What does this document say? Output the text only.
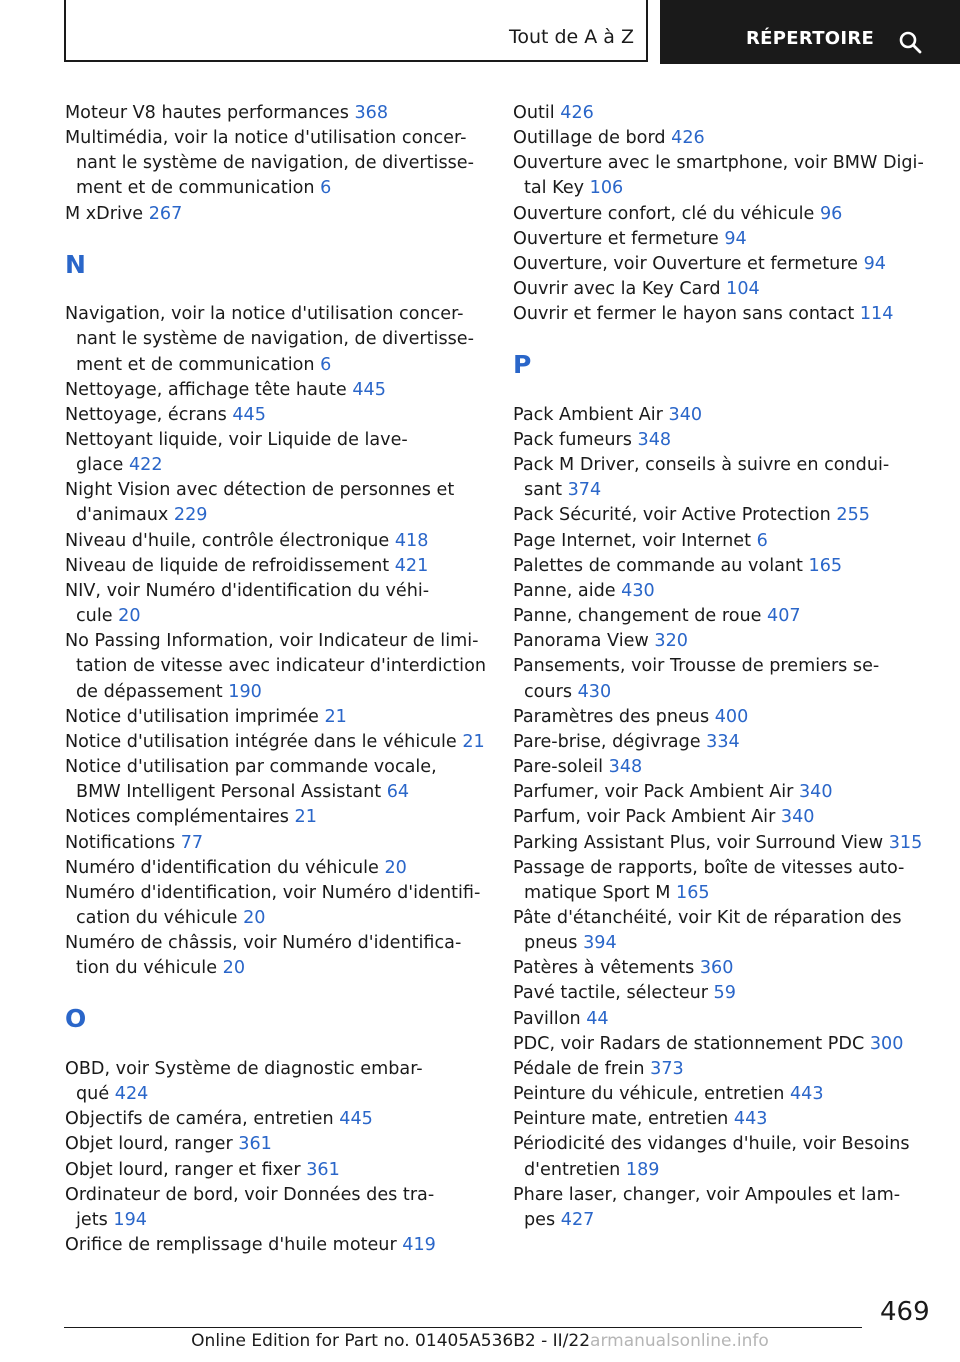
Tout de A à Z	RÉPERTOIRE
Moteur V8 hautes performances 368
Multimédia, voir la notice d'utilisation concer-
nant le système de navigation, de divertisse-
ment et de communication 6
M xDrive 267
N
Navigation, voir la notice d'utilisation concer-
nant le système de navigation, de divertisse-
ment et de communication 6
Nettoyage, affichage tête haute 445
Nettoyage, écrans 445
Nettoyant liquide, voir Liquide de lave-
glace 422
Night Vision avec détection de personnes et
d'animaux 229
Niveau d'huile, contrôle électronique 418
Niveau de liquide de refroidissement 421
NIV, voir Numéro d'identification du véhi-
cule 20
No Passing Information, voir Indicateur de limi-
tation de vitesse avec indicateur d'interdiction
de dépassement 190
Notice d'utilisation imprimée 21
Notice d'utilisation intégrée dans le véhicule 21
Notice d'utilisation par commande vocale,
BMW Intelligent Personal Assistant 64
Notices complémentaires 21
Notifications 77
Numéro d'identification du véhicule 20
Numéro d'identification, voir Numéro d'identifi-
cation du véhicule 20
Numéro de châssis, voir Numéro d'identifica-
tion du véhicule 20
O
OBD, voir Système de diagnostic embar-
qué 424
Objectifs de caméra, entretien 445
Objet lourd, ranger 361
Objet lourd, ranger et fixer 361
Ordinateur de bord, voir Données des tra-
jets 194
Orifice de remplissage d'huile moteur 419
Outil 426
Outillage de bord 426
Ouverture avec le smartphone, voir BMW Digi-
tal Key 106
Ouverture confort, clé du véhicule 96
Ouverture et fermeture 94
Ouverture, voir Ouverture et fermeture 94
Ouvrir avec la Key Card 104
Ouvrir et fermer le hayon sans contact 114
P
Pack Ambient Air 340
Pack fumeurs 348
Pack M Driver, conseils à suivre en condui-
sant 374
Pack Sécurité, voir Active Protection 255
Page Internet, voir Internet 6
Palettes de commande au volant 165
Panne, aide 430
Panne, changement de roue 407
Panorama View 320
Pansements, voir Trousse de premiers se-
cours 430
Paramètres des pneus 400
Pare-brise, dégivrage 334
Pare-soleil 348
Parfumer, voir Pack Ambient Air 340
Parfum, voir Pack Ambient Air 340
Parking Assistant Plus, voir Surround View 315
Passage de rapports, boîte de vitesses auto-
matique Sport M 165
Pâte d'étanchéité, voir Kit de réparation des
pneus 394
Patères à vêtements 360
Pavé tactile, sélecteur 59
Pavillon 44
PDC, voir Radars de stationnement PDC 300
Pédale de frein 373
Peinture du véhicule, entretien 443
Peinture mate, entretien 443
Périodicité des vidanges d'huile, voir Besoins
d'entretien 189
Phare laser, changer, voir Ampoules et lam-
pes 427
469
Online Edition for Part no. 01405A536B2 - II/22armanualsonline.info
